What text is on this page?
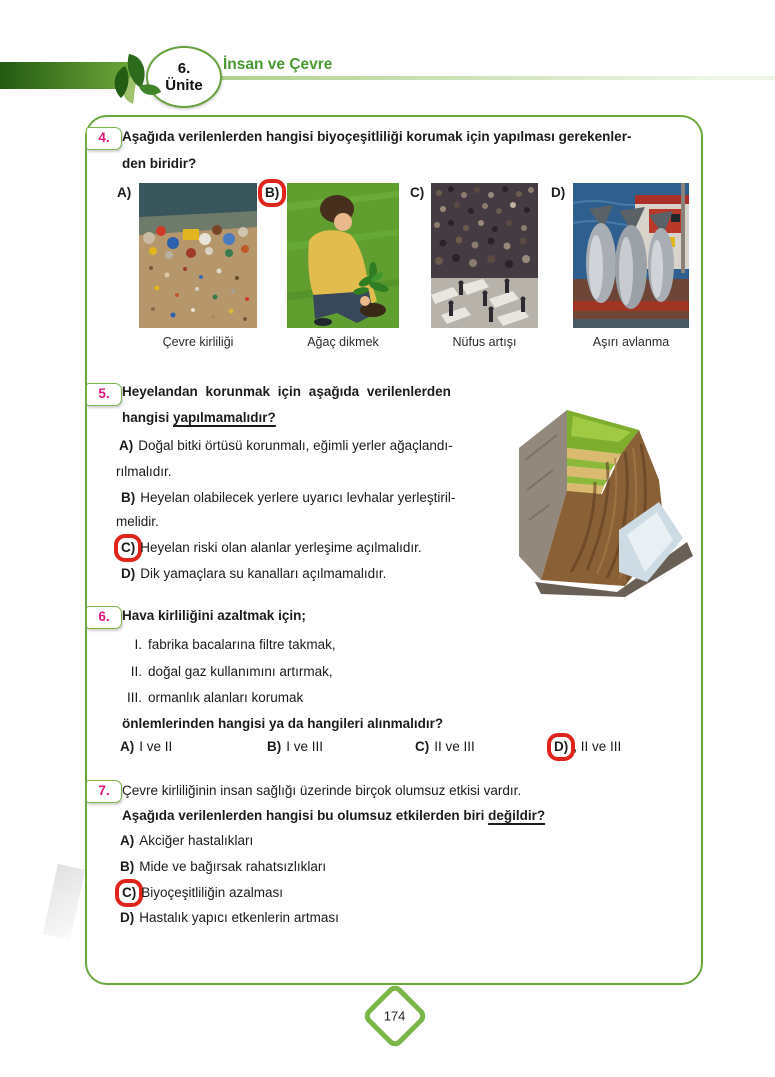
6.
Ünite
İnsan ve Çevre
4. Aşağıda verilenlerden hangisi biyoçeşitliliği korumak için yapılması gerekenler-
den biridir?
A)	B)	C)	D)
Çevre kirliliği	Ağaç dikmek	Nüfus artışı	Aşırı avlanma
5. Heyelandan korunmak için aşağıda verilenlerden
hangisi yapılmamalıdır?
A) Doğal bitki örtüsü korunmalı, eğimli yerler ağaçlandı-
rılmalıdır.
B) Heyelan olabilecek yerlere uyarıcı levhalar yerleştiril-
melidir.
C) Heyelan riski olan alanlar yerleşime açılmalıdır.
D) Dik yamaçlara su kanalları açılmamalıdır.
6. Hava kirliliğini azaltmak için;
I. fabrika bacalarına filtre takmak,
II. doğal gaz kullanımını artırmak,
III. ormanlık alanları korumak
önlemlerinden hangisi ya da hangileri alınmalıdır?
A) I ve II	B) I ve III	C) II ve III	D) , II ve III
7. Çevre kirliliğinin insan sağlığı üzerinde birçok olumsuz etkisi vardır.
Aşağıda verilenlerden hangisi bu olumsuz etkilerden biri değildir?
A) Akciğer hastalıkları
B) Mide ve bağırsak rahatsızlıkları
C) Biyoçeşitliliğin azalması
D) Hastalık yapıcı etkenlerin artması
174
